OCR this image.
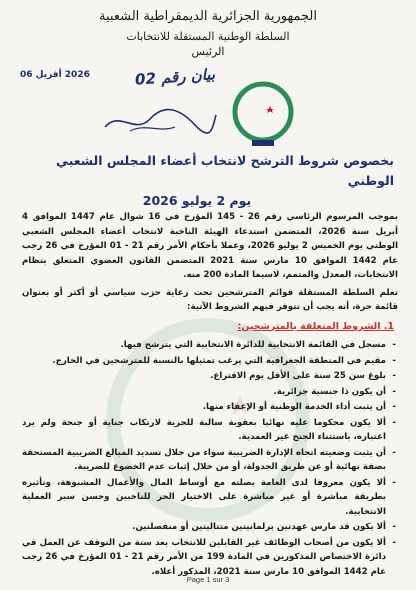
الجمهورية الجزائرية الديمقراطية الشعبية
السلطة الوطنية المستقلة للانتخابات
الرئيس
2026 أفريل 06	بيان رقم 02
بخصوص شروط الترشح لانتخاب أعضاء المجلس الشعبي الوطني
يوم 2 يوليو 2026

بموجب المرسوم الرئاسي رقم 26 - 145 المؤرخ في 16 شوال عام 1447 الموافق 4 أبريل سنة 2026، المتضمن استدعاء الهيئة الناخبة لانتخاب أعضاء المجلس الشعبي الوطني يوم الخميس 2 يوليو 2026، وعملا بأحكام الأمر رقم 21 - 01 المؤرخ في 26 رجب عام 1442 الموافق 10 مارس سنة 2021 المتضمن القانون العضوي المتعلق بنظام الانتخابات، المعدل والمتمم، لاسيما المادة 200 منه.

تعلم السلطة المستقلة قوائم المترشحين تحت رعاية حزب سياسي أو أكثر أو بعنوان قائمة حرة، أنه يجب أن تتوفر فيهم الشروط الآتية:

1. الشروط المتعلقة بالمترشحين:
- مسجل في القائمة الانتخابية للدائرة الانتخابية التي يترشح فيها.
- مقيم في المنطقة الجغرافية التي يرغب تمثيلها بالنسبة للمترشحين في الخارج.
- بلوغ سن 25 سنة على الأقل يوم الاقتراع.
- أن يكون ذا جنسية جزائرية.
- أن يثبت أداء الخدمة الوطنية أو الإعفاء منها.
- ألا يكون محكوما عليه نهائيا بعقوبة سالبة للحرية لارتكاب جناية أو جنحة ولم يرد اعتباره، باستثناء الجنح غير العمدية.
- أن يثبت وضعيته اتجاه الإدارة الضريبية سواء من خلال تسديد المبالغ الضريبية المستحقة بصفة نهائية أو عن طريق الجدولة، أو من خلال إثبات عدم الخضوع للضريبة.
- ألا يكون معروفا لدى العامة بصلته مع أوساط المال والأعمال المشبوهة، وتأثيره بطريقة مباشرة أو غير مباشرة على الاختيار الحر للناخبين وحسن سير العملية الانتخابية.
- ألا يكون قد مارس عهدتين برلمانيتين متتاليتين أو منفصلتين.
- ألا يكون من أصحاب الوظائف غير القابلين للانتخاب بعد سنة من التوقف عن العمل في دائرة الاختصاص المذكورين في المادة 199 من الأمر رقم 21 - 01 المؤرخ في 26 رجب عام 1442 الموافق 10 مارس سنة 2021، المذكور أعلاه.
Page 1 sur 3
